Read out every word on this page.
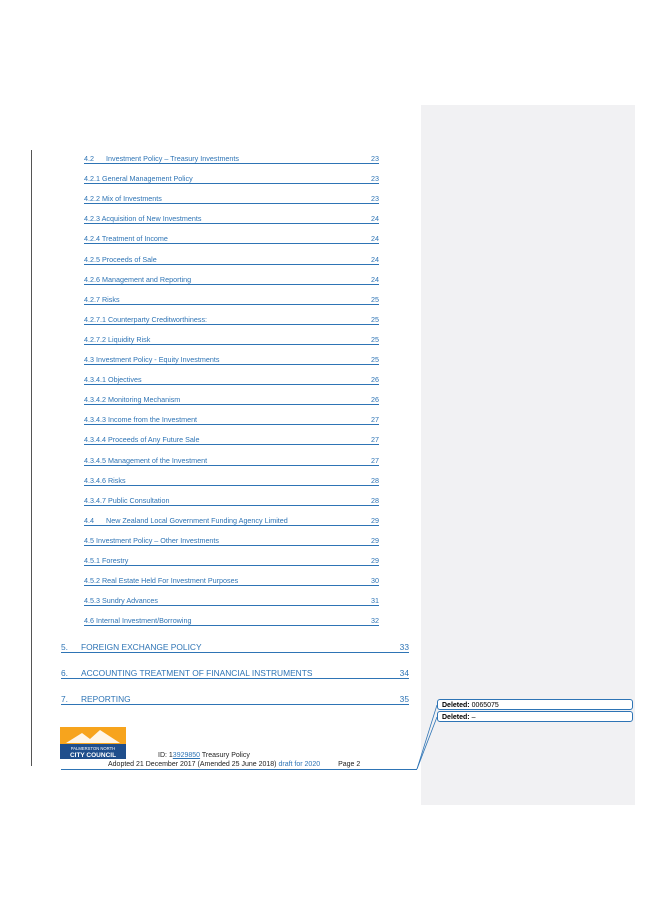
Deleted: 0065075
Deleted: –
PALMERSTON NORTH
CITY COUNCIL	ID: 13929850 Treasury Policy
Adopted 21 December 2017 (Amended 25 June 2018) draft for 2020	Page 2
4.2 Investment Policy – Treasury Investments	23
4.2.1 General Management Policy	23
4.2.2 Mix of Investments	23
4.2.3 Acquisition of New Investments	24
4.2.4 Treatment of Income	24
4.2.5 Proceeds of Sale	24
4.2.6 Management and Reporting	24
4.2.7 Risks	25
4.2.7.1 Counterparty Creditworthiness:	25
4.2.7.2 Liquidity Risk	25
4.3 Investment Policy - Equity Investments	25
4.3.4.1 Objectives	26
4.3.4.2 Monitoring Mechanism	26
4.3.4.3 Income from the Investment	27
4.3.4.4 Proceeds of Any Future Sale	27
4.3.4.5 Management of the Investment	27
4.3.4.6 Risks	28
4.3.4.7 Public Consultation	28
4.4 New Zealand Local Government Funding Agency Limited	29
4.5 Investment Policy – Other Investments	29
4.5.1 Forestry	29
4.5.2 Real Estate Held For Investment Purposes	30
4.5.3 Sundry Advances	31
4.6 Internal Investment/Borrowing	32
5. FOREIGN EXCHANGE POLICY	33
6. ACCOUNTING TREATMENT OF FINANCIAL INSTRUMENTS	34
7. REPORTING	35
